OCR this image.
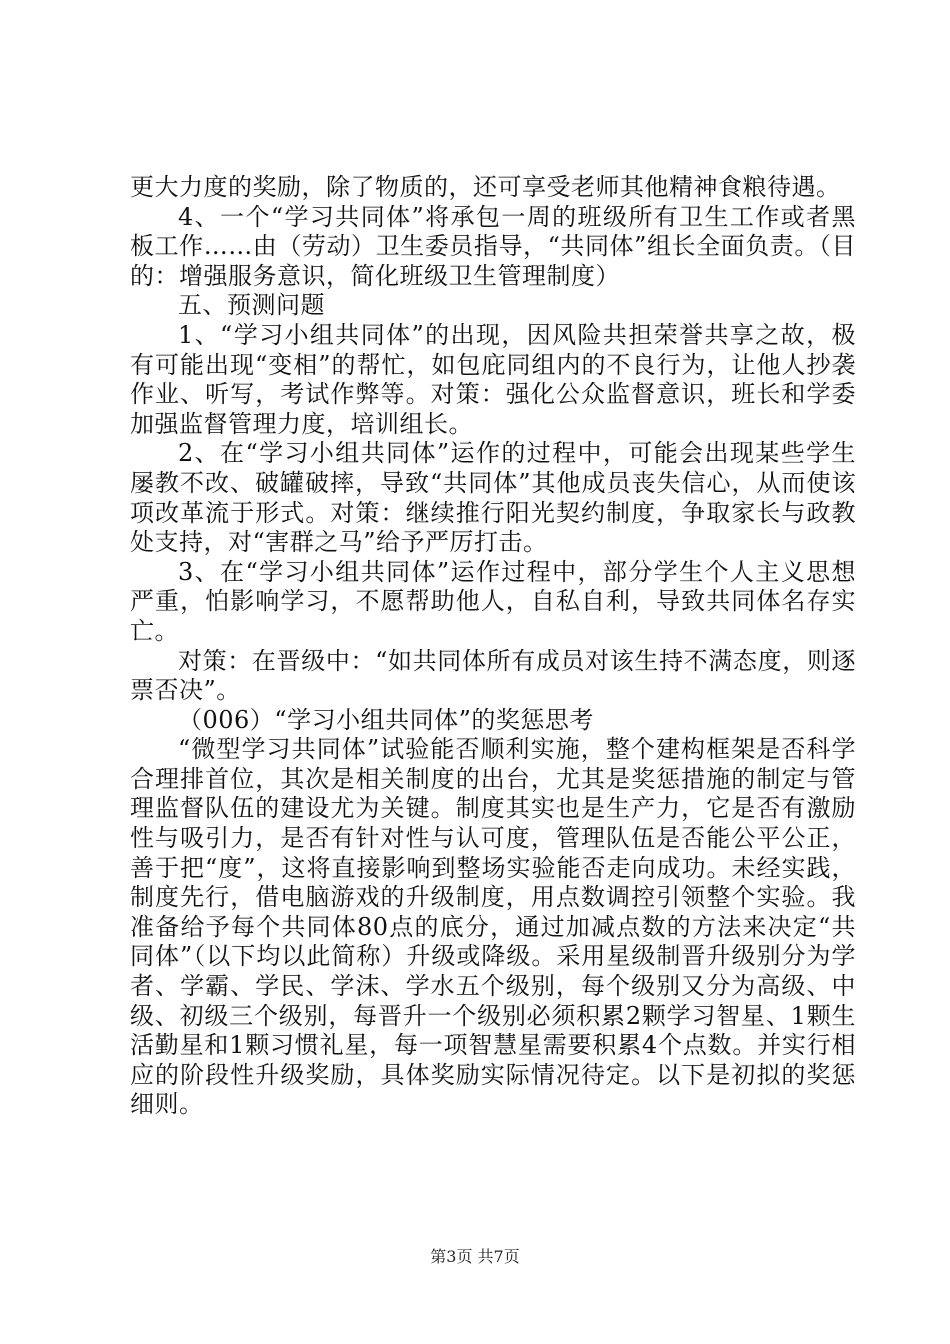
更大力度的奖励，除了物质的，还可享受老师其他精神食粮待遇。

4、一个“学习共同体”将承包一周的班级所有卫生工作或者黑板工作……由（劳动）卫生委员指导，“共同体”组长全面负责。（目的：增强服务意识，简化班级卫生管理制度）

五、预测问题

1、“学习小组共同体”的出现，因风险共担荣誉共享之故，极有可能出现“变相”的帮忙，如包庇同组内的不良行为，让他人抄袭作业、听写，考试作弊等。对策：强化公众监督意识，班长和学委加强监督管理力度，培训组长。

2、在“学习小组共同体”运作的过程中，可能会出现某些学生屡教不改、破罐破摔，导致“共同体”其他成员丧失信心，从而使该项改革流于形式。对策：继续推行阳光契约制度，争取家长与政教处支持，对“害群之马”给予严厉打击。

3、在“学习小组共同体”运作过程中，部分学生个人主义思想严重，怕影响学习，不愿帮助他人，自私自利，导致共同体名存实亡。

对策：在晋级中：“如共同体所有成员对该生持不满态度，则逐票否决”。

（006）“学习小组共同体”的奖惩思考

“微型学习共同体”试验能否顺利实施，整个建构框架是否科学合理排首位，其次是相关制度的出台，尤其是奖惩措施的制定与管理监督队伍的建设尤为关键。制度其实也是生产力，它是否有激励性与吸引力，是否有针对性与认可度，管理队伍是否能公平公正，善于把“度”，这将直接影响到整场实验能否走向成功。未经实践，制度先行，借电脑游戏的升级制度，用点数调控引领整个实验。我准备给予每个共同体80点的底分，通过加减点数的方法来决定“共同体”（以下均以此简称）升级或降级。采用星级制晋升级别分为学者、学霸、学民、学沫、学水五个级别，每个级别又分为高级、中级、初级三个级别，每晋升一个级别必须积累2颗学习智星、1颗生活勤星和1颗习惯礼星，每一项智慧星需要积累4个点数。并实行相应的阶段性升级奖励，具体奖励实际情况待定。以下是初拟的奖惩细则。

第3页 共7页
